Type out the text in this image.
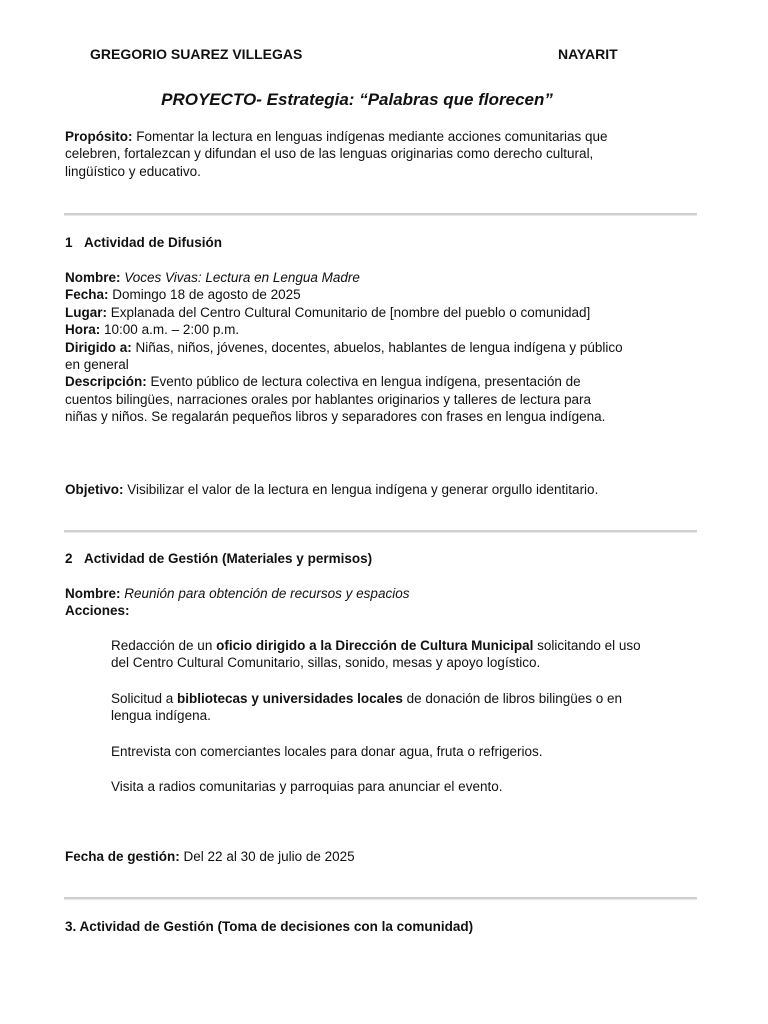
GREGORIO SUAREZ VILLEGAS	NAYARIT
PROYECTO- Estrategia: “Palabras que florecen”
Propósito: Fomentar la lectura en lenguas indígenas mediante acciones comunitarias que
celebren, fortalezcan y difundan el uso de las lenguas originarias como derecho cultural,
lingüístico y educativo.
1 Actividad de Difusión
Nombre: Voces Vivas: Lectura en Lengua Madre
Fecha: Domingo 18 de agosto de 2025
Lugar: Explanada del Centro Cultural Comunitario de [nombre del pueblo o comunidad]
Hora: 10:00 a.m. – 2:00 p.m.
Dirigido a: Niñas, niños, jóvenes, docentes, abuelos, hablantes de lengua indígena y público
en general
Descripción: Evento público de lectura colectiva en lengua indígena, presentación de
cuentos bilingües, narraciones orales por hablantes originarios y talleres de lectura para
niñas y niños. Se regalarán pequeños libros y separadores con frases en lengua indígena.
Objetivo: Visibilizar el valor de la lectura en lengua indígena y generar orgullo identitario.
2 Actividad de Gestión (Materiales y permisos)
Nombre: Reunión para obtención de recursos y espacios
Acciones:
Redacción de un oficio dirigido a la Dirección de Cultura Municipal solicitando el uso
del Centro Cultural Comunitario, sillas, sonido, mesas y apoyo logístico.
Solicitud a bibliotecas y universidades locales de donación de libros bilingües o en
lengua indígena.
Entrevista con comerciantes locales para donar agua, fruta o refrigerios.
Visita a radios comunitarias y parroquias para anunciar el evento.
Fecha de gestión: Del 22 al 30 de julio de 2025
3. Actividad de Gestión (Toma de decisiones con la comunidad)
